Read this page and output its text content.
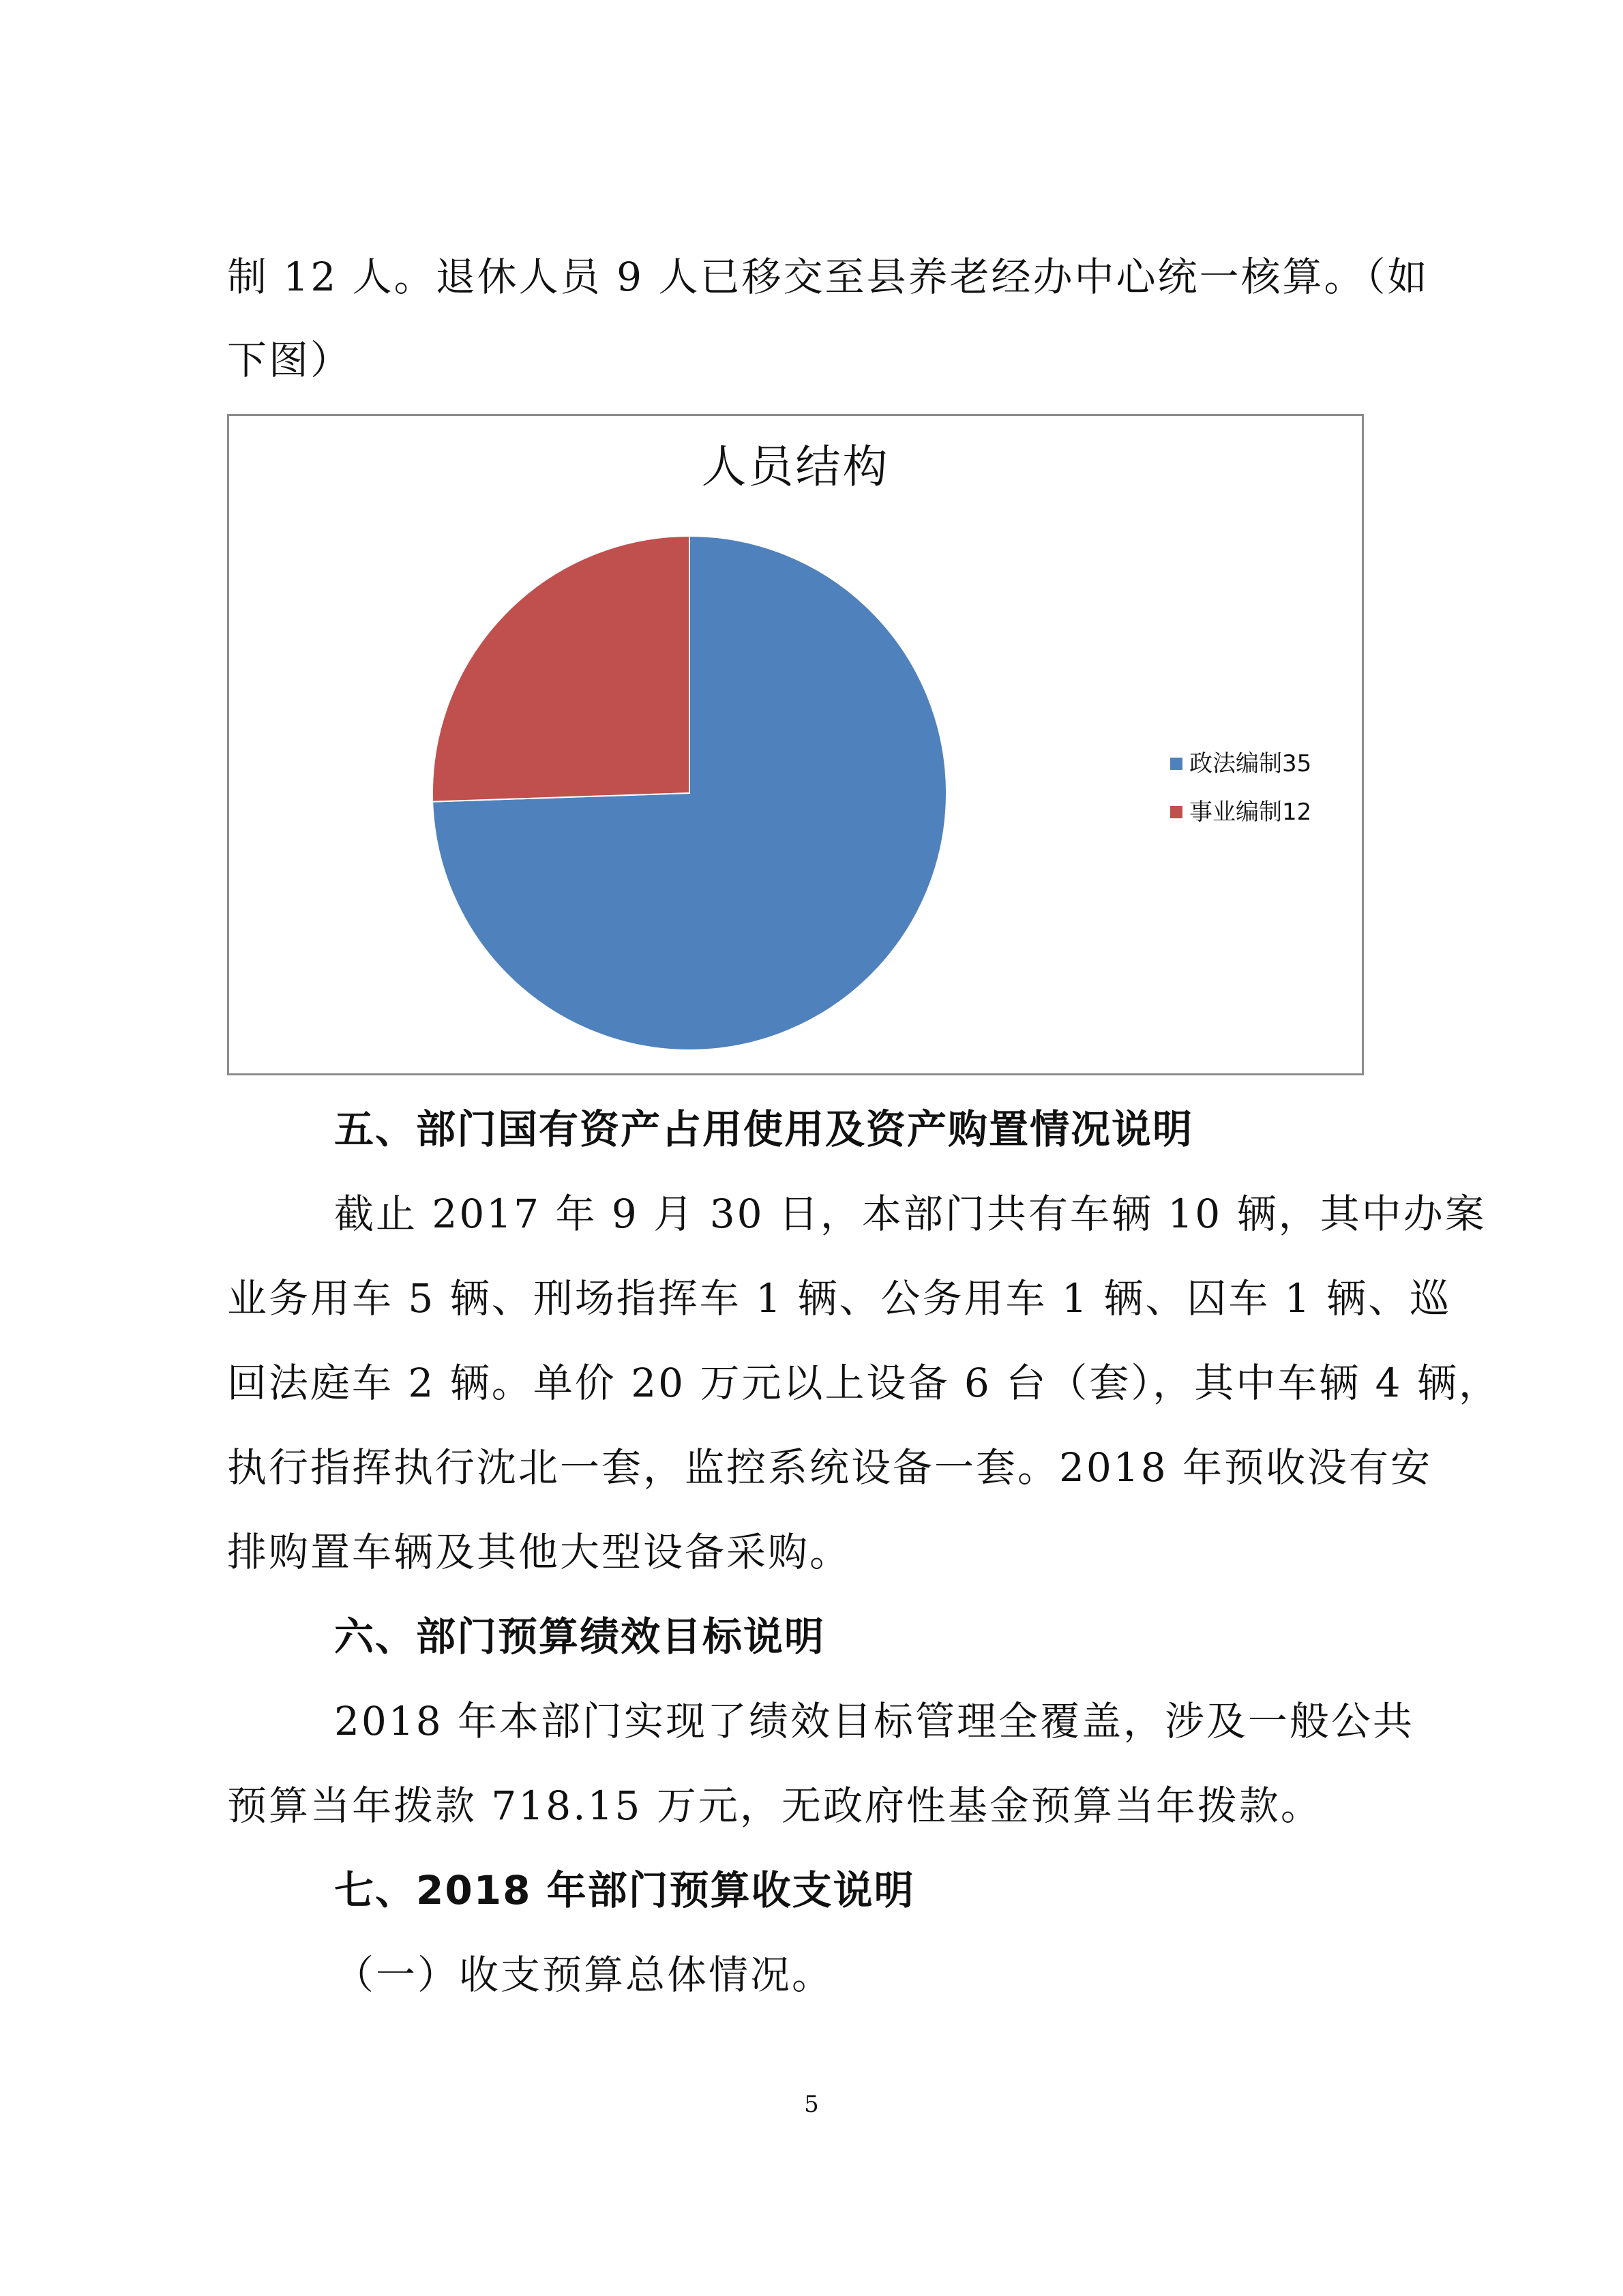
制 12 人。退休人员 9 人已移交至县养老经办中心统一核算。（如
下图）
人员结构
政法编制35
事业编制12
五、部门国有资产占用使用及资产购置情况说明
截止 2017 年 9 月 30 日，本部门共有车辆 10 辆，其中办案
业务用车 5 辆、刑场指挥车 1 辆、公务用车 1 辆、囚车 1 辆、巡
回法庭车 2 辆。单价 20 万元以上设备 6 台（套），其中车辆 4 辆，
执行指挥执行沈北一套，监控系统设备一套。2018 年预收没有安
排购置车辆及其他大型设备采购。
六、部门预算绩效目标说明
2018 年本部门实现了绩效目标管理全覆盖，涉及一般公共
预算当年拨款 718.15 万元，无政府性基金预算当年拨款。
七、2018 年部门预算收支说明
（一）收支预算总体情况。
5
